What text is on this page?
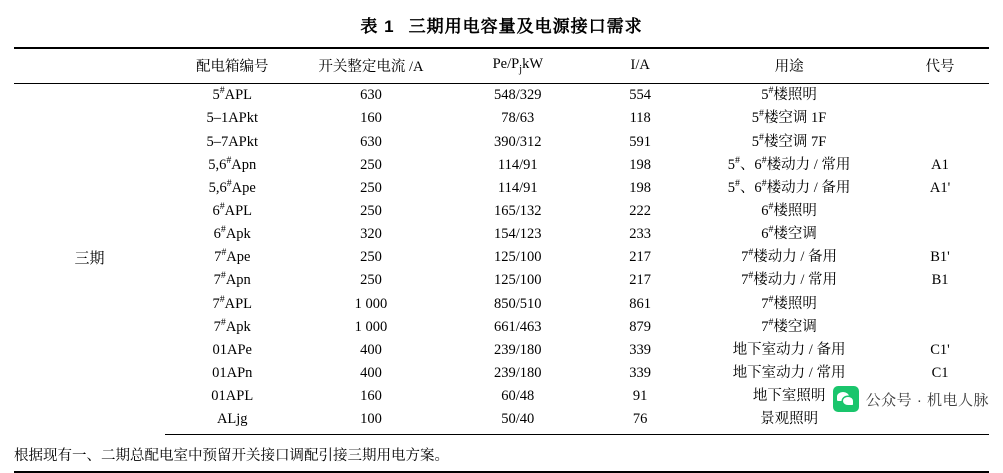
表 1 三期用电容量及电源接口需求
	配电箱编号	开关整定电流 /A	$Pe/P_jkW$	I/A	用途	代号
三期	5#APL	630	548/329	554	5#楼照明	
	5–1APkt	160	78/63	118	5#楼空调 1F	
	5–7APkt	630	390/312	591	5#楼空调 7F	
	5,6#Apn	250	114/91	198	5#、6#楼动力 / 常用	A1
	5,6#Ape	250	114/91	198	5#、6#楼动力 / 备用	A1'
	6#APL	250	165/132	222	6#楼照明	
	6#Apk	320	154/123	233	6#楼空调	
	7#Ape	250	125/100	217	7#楼动力 / 备用	B1'
	7#Apn	250	125/100	217	7#楼动力 / 常用	B1
	7#APL	1 000	850/510	861	7#楼照明	
	7#Apk	1 000	661/463	879	7#楼空调	
	01APe	400	239/180	339	地下室动力 / 备用	C1'
	01APn	400	239/180	339	地下室动力 / 常用	C1
	01APL	160	60/48	91	地下室照明	
	ALjg	100	50/40	76	景观照明	
根据现有一、二期总配电室中预留开关接口调配引接三期用电方案。
公众号 · 机电人脉
